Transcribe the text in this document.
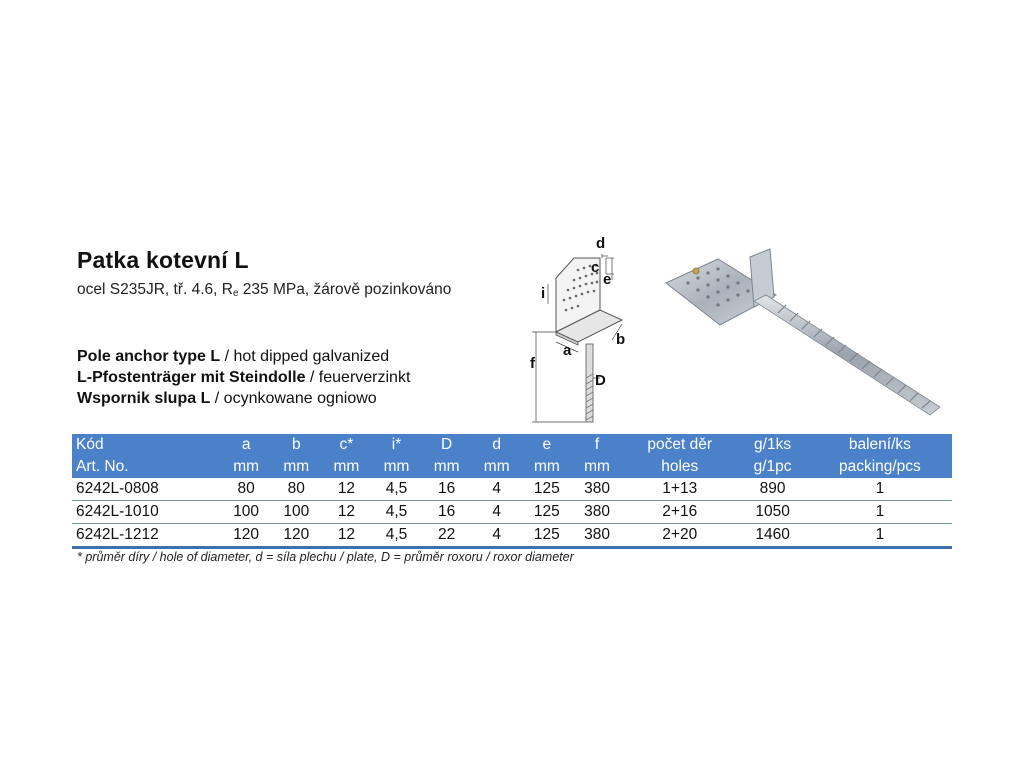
Patka kotevní L
ocel S235JR, tř. 4.6, $R_e$ 235 MPa, žárově pozinkováno
Pole anchor type L / hot dipped galvanized
L-Pfostenträger mit Steindolle / feuerverzinkt
Wspornik slupa L / ocynkowane ogniowo
d
c
e
i
a
b
f
D
Kód	a	b	c*	i*	D	d	e	f	počet děr	g/1ks	balení/ks
Art. No.	mm	mm	mm	mm	mm	mm	mm	mm	holes	g/1pc	packing/pcs
6242L-0808	80	80	12	4,5	16	4	125	380	1+13	890	1
6242L-1010	100	100	12	4,5	16	4	125	380	2+16	1050	1
6242L-1212	120	120	12	4,5	22	4	125	380	2+20	1460	1
* průměr díry / hole of diameter, d = síla plechu / plate, D = průměr roxoru / roxor diameter
